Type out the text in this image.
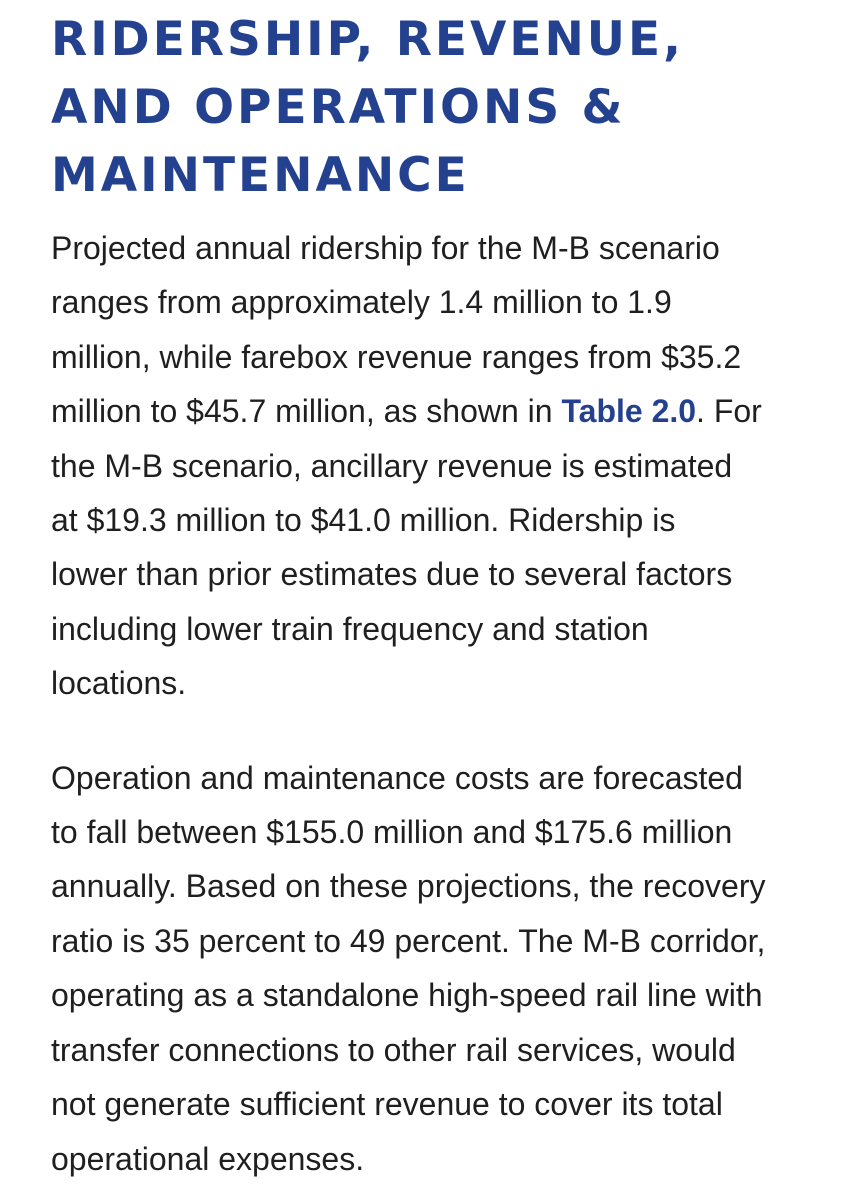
RIDERSHIP, REVENUE,
AND OPERATIONS &
MAINTENANCE

Projected annual ridership for the M-B scenario
ranges from approximately 1.4 million to 1.9
million, while farebox revenue ranges from $35.2
million to $45.7 million, as shown in Table 2.0. For
the M-B scenario, ancillary revenue is estimated
at $19.3 million to $41.0 million. Ridership is
lower than prior estimates due to several factors
including lower train frequency and station
locations.

Operation and maintenance costs are forecasted
to fall between $155.0 million and $175.6 million
annually. Based on these projections, the recovery
ratio is 35 percent to 49 percent. The M-B corridor,
operating as a standalone high-speed rail line with
transfer connections to other rail services, would
not generate sufficient revenue to cover its total
operational expenses.
